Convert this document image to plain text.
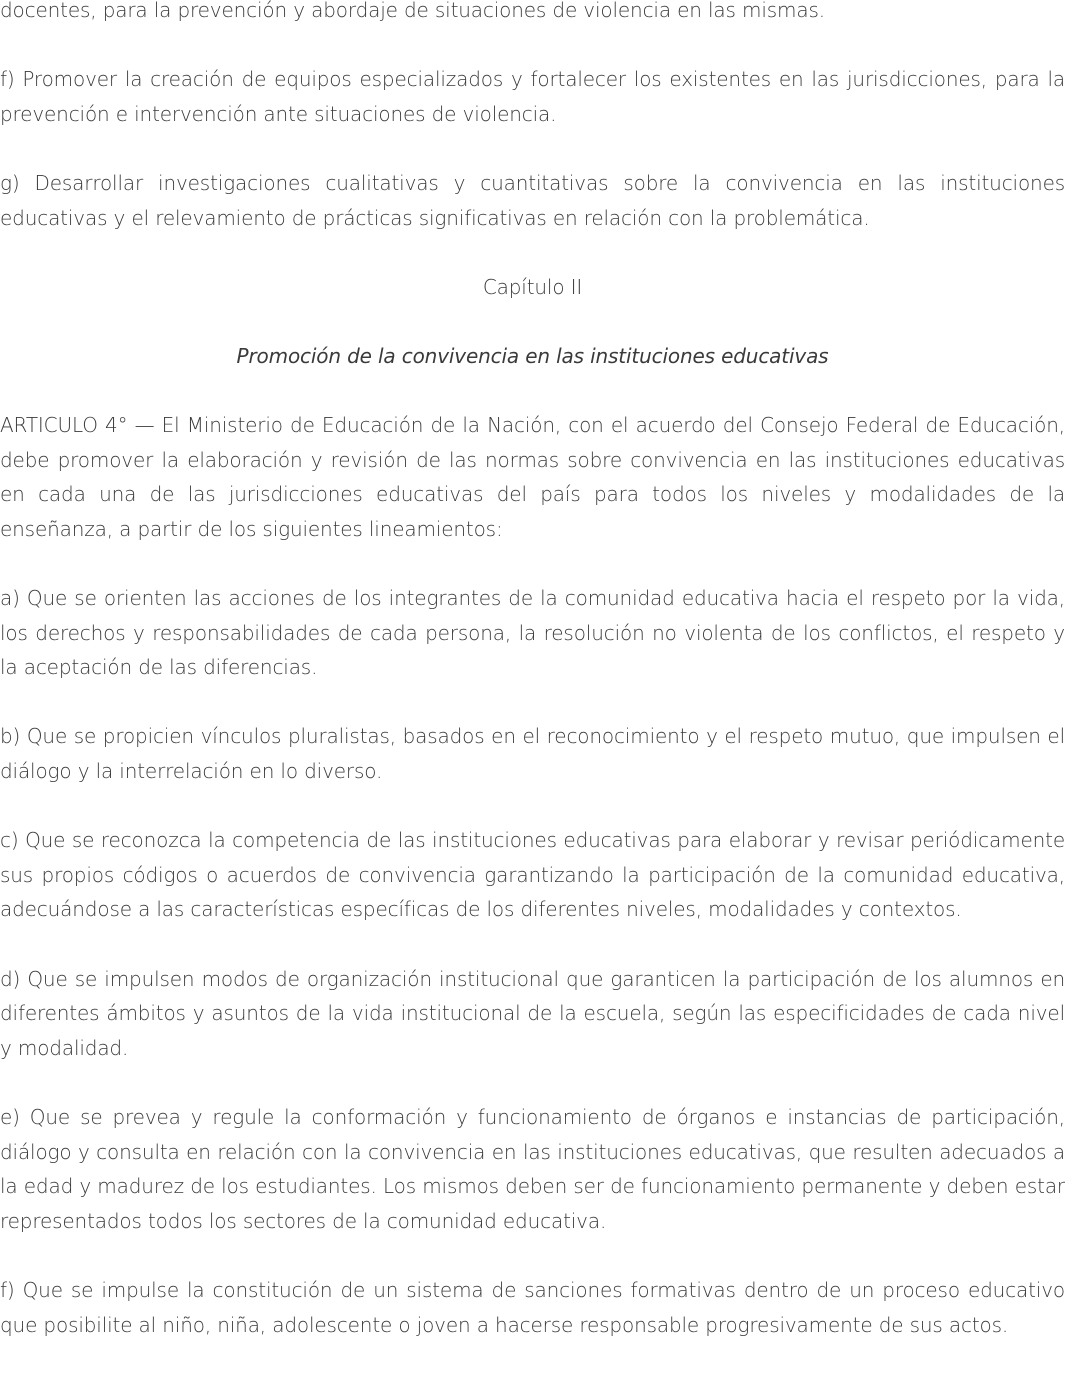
docentes, para la prevención y abordaje de situaciones de violencia en las mismas.

f) Promover la creación de equipos especializados y fortalecer los existentes en las jurisdicciones, para la prevención e intervención ante situaciones de violencia.

g) Desarrollar investigaciones cualitativas y cuantitativas sobre la convivencia en las instituciones educativas y el relevamiento de prácticas significativas en relación con la problemática.

Capítulo II

Promoción de la convivencia en las instituciones educativas

ARTICULO 4° — El Ministerio de Educación de la Nación, con el acuerdo del Consejo Federal de Educación, debe promover la elaboración y revisión de las normas sobre convivencia en las instituciones educativas en cada una de las jurisdicciones educativas del país para todos los niveles y modalidades de la enseñanza, a partir de los siguientes lineamientos:

a) Que se orienten las acciones de los integrantes de la comunidad educativa hacia el respeto por la vida, los derechos y responsabilidades de cada persona, la resolución no violenta de los conflictos, el respeto y la aceptación de las diferencias.

b) Que se propicien vínculos pluralistas, basados en el reconocimiento y el respeto mutuo, que impulsen el diálogo y la interrelación en lo diverso.

c) Que se reconozca la competencia de las instituciones educativas para elaborar y revisar periódicamente sus propios códigos o acuerdos de convivencia garantizando la participación de la comunidad educativa, adecuándose a las características específicas de los diferentes niveles, modalidades y contextos.

d) Que se impulsen modos de organización institucional que garanticen la participación de los alumnos en diferentes ámbitos y asuntos de la vida institucional de la escuela, según las especificidades de cada nivel y modalidad.

e) Que se prevea y regule la conformación y funcionamiento de órganos e instancias de participación, diálogo y consulta en relación con la convivencia en las instituciones educativas, que resulten adecuados a la edad y madurez de los estudiantes. Los mismos deben ser de funcionamiento permanente y deben estar representados todos los sectores de la comunidad educativa.

f) Que se impulse la constitución de un sistema de sanciones formativas dentro de un proceso educativo que posibilite al niño, niña, adolescente o joven a hacerse responsable progresivamente de sus actos.
